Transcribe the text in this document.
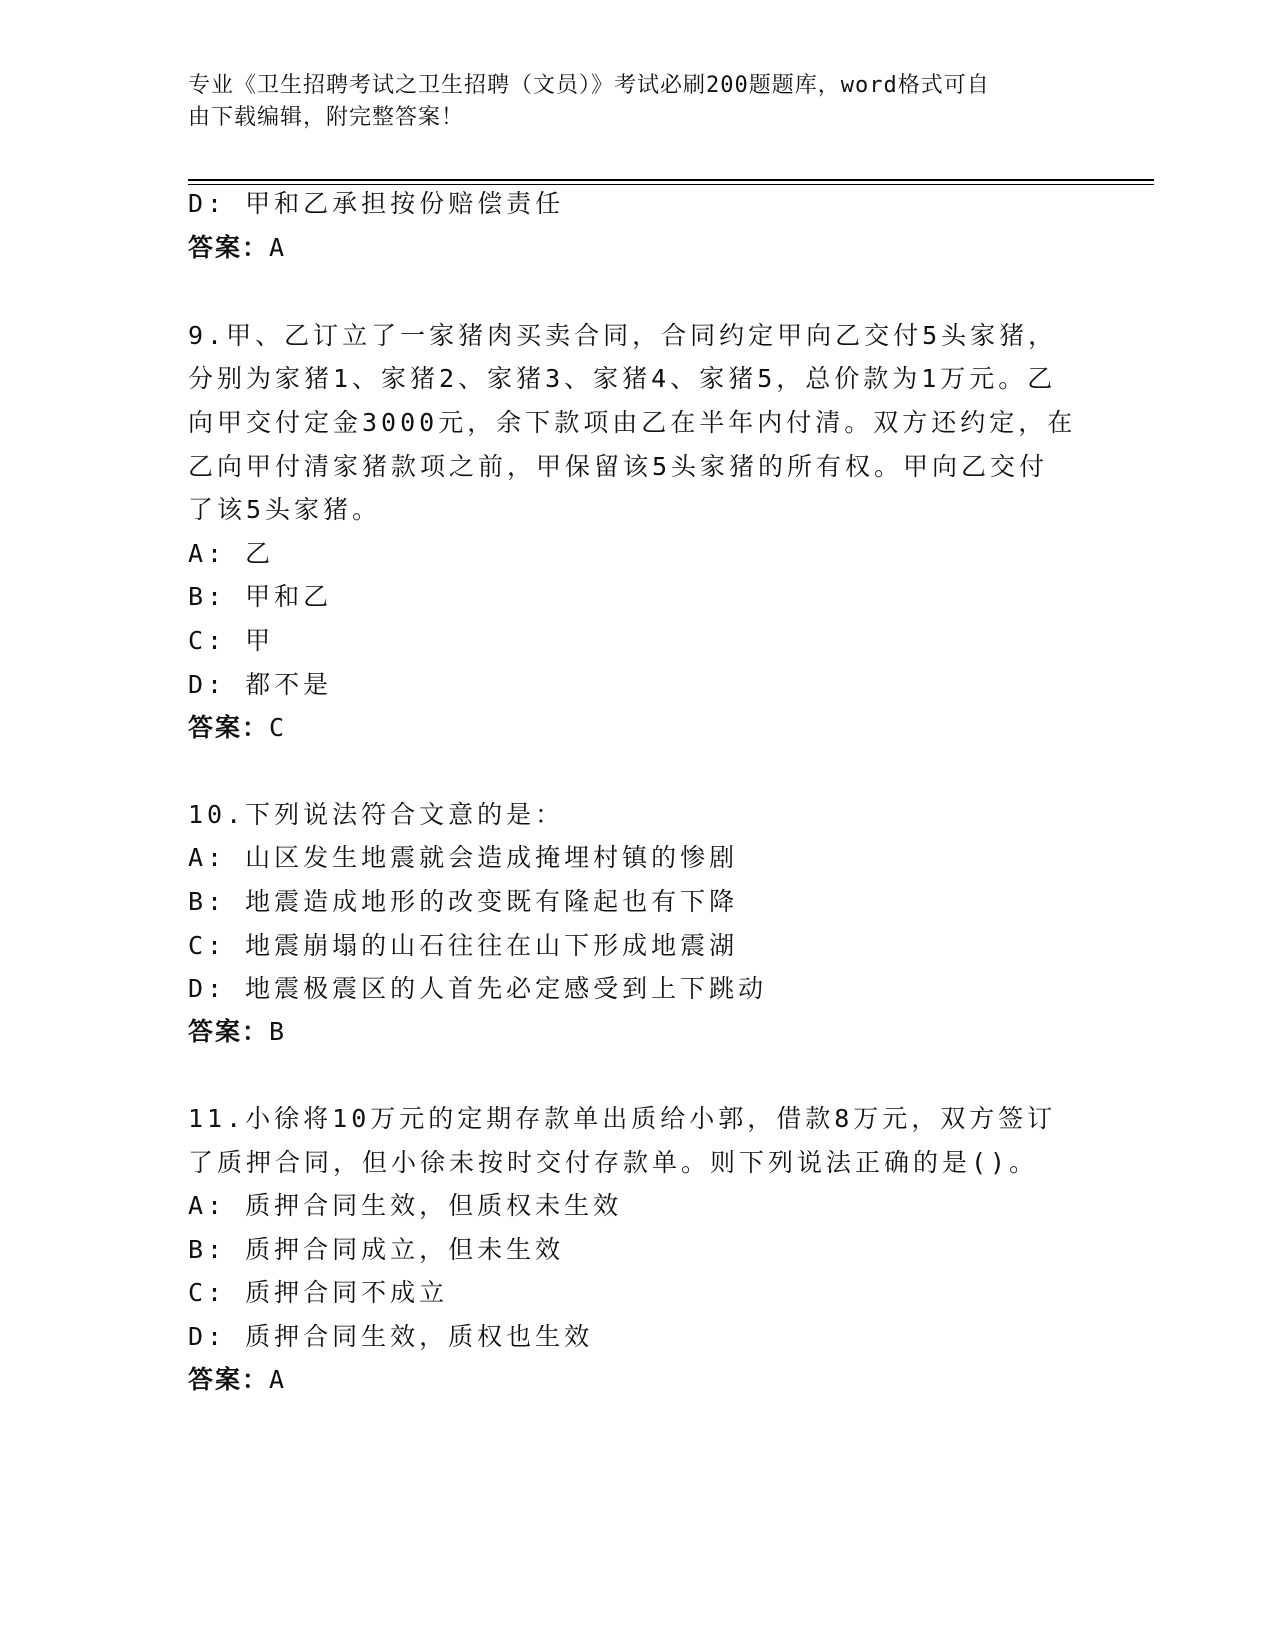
专业《卫生招聘考试之卫生招聘（文员）》考试必刷200题题库，word格式可自
由下载编辑，附完整答案！
D: 甲和乙承担按份赔偿责任
答案：A
9.甲、乙订立了一家猪肉买卖合同，合同约定甲向乙交付5头家猪，
分别为家猪1、家猪2、家猪3、家猪4、家猪5，总价款为1万元。乙
向甲交付定金3000元，余下款项由乙在半年内付清。双方还约定，在
乙向甲付清家猪款项之前，甲保留该5头家猪的所有权。甲向乙交付
了该5头家猪。
A: 乙
B: 甲和乙
C: 甲
D: 都不是
答案：C
10.下列说法符合文意的是：
A: 山区发生地震就会造成掩埋村镇的惨剧
B: 地震造成地形的改变既有隆起也有下降
C: 地震崩塌的山石往往在山下形成地震湖
D: 地震极震区的人首先必定感受到上下跳动
答案：B
11.小徐将10万元的定期存款单出质给小郭，借款8万元，双方签订
了质押合同，但小徐未按时交付存款单。则下列说法正确的是()。
A: 质押合同生效，但质权未生效
B: 质押合同成立，但未生效
C: 质押合同不成立
D: 质押合同生效，质权也生效
答案：A
